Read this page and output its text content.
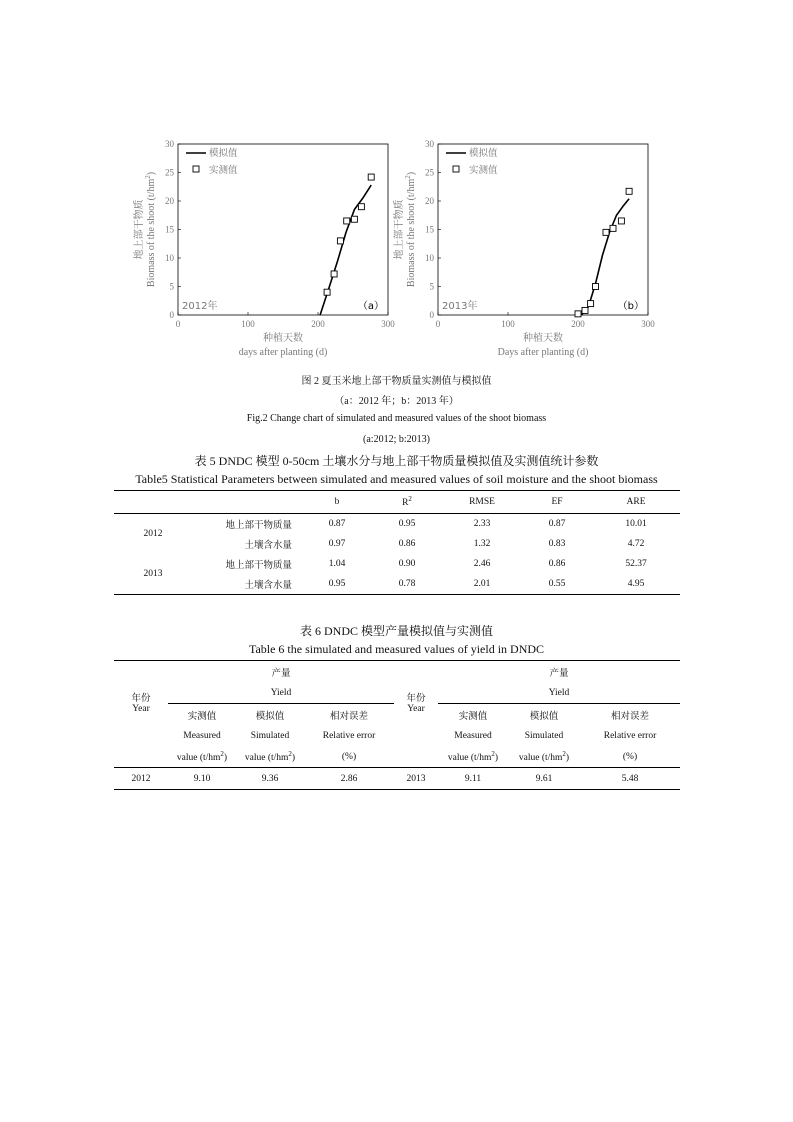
0
5
10
15
20
25
30
0	100	200	300
模拟值
实测值
2012年	（a）
种植天数
days after planting (d)
地上部干物质 Biomass of the shoot $(t/hm^2)$
0
5
10
15
20
25
30
0	100	200	300
模拟值
实测值
2013年	（b）
种植天数
Days after planting (d)
地上部干物质 Biomass of the shoot $(t/hm^2)$
图 2 夏玉米地上部干物质量实测值与模拟值
（a：2012 年；b：2013 年）
Fig.2 Change chart of simulated and measured values of the shoot biomass
(a:2012; b:2013)
表 5 DNDC 模型 0-50cm 土壤水分与地上部干物质量模拟值及实测值统计参数
Table5 Statistical Parameters between simulated and measured values of soil moisture and the shoot biomass
		b	$R^2$	RMSE	EF	ARE
2012	地上部干物质量	0.87	0.95	2.33	0.87	10.01
	土壤含水量	0.97	0.86	1.32	0.83	4.72
2013	地上部干物质量	1.04	0.90	2.46	0.86	52.37
	土壤含水量	0.95	0.78	2.01	0.55	4.95
表 6 DNDC 模型产量模拟值与实测值
Table 6 the simulated and measured values of yield in DNDC
年份	产量			年份	产量		
	Yield				Yield		
Year	实测值	模拟值	相对误差	Year	实测值	模拟值	相对误差
	Measured	Simulated	Relative error		Measured	Simulated	Relative error
	value $(t/hm^2)$	value $(t/hm^2)$	(%)		value $(t/hm^2)$	value $(t/hm^2)$	(%)
2012	9.10	9.36	2.86	2013	9.11	9.61	5.48
